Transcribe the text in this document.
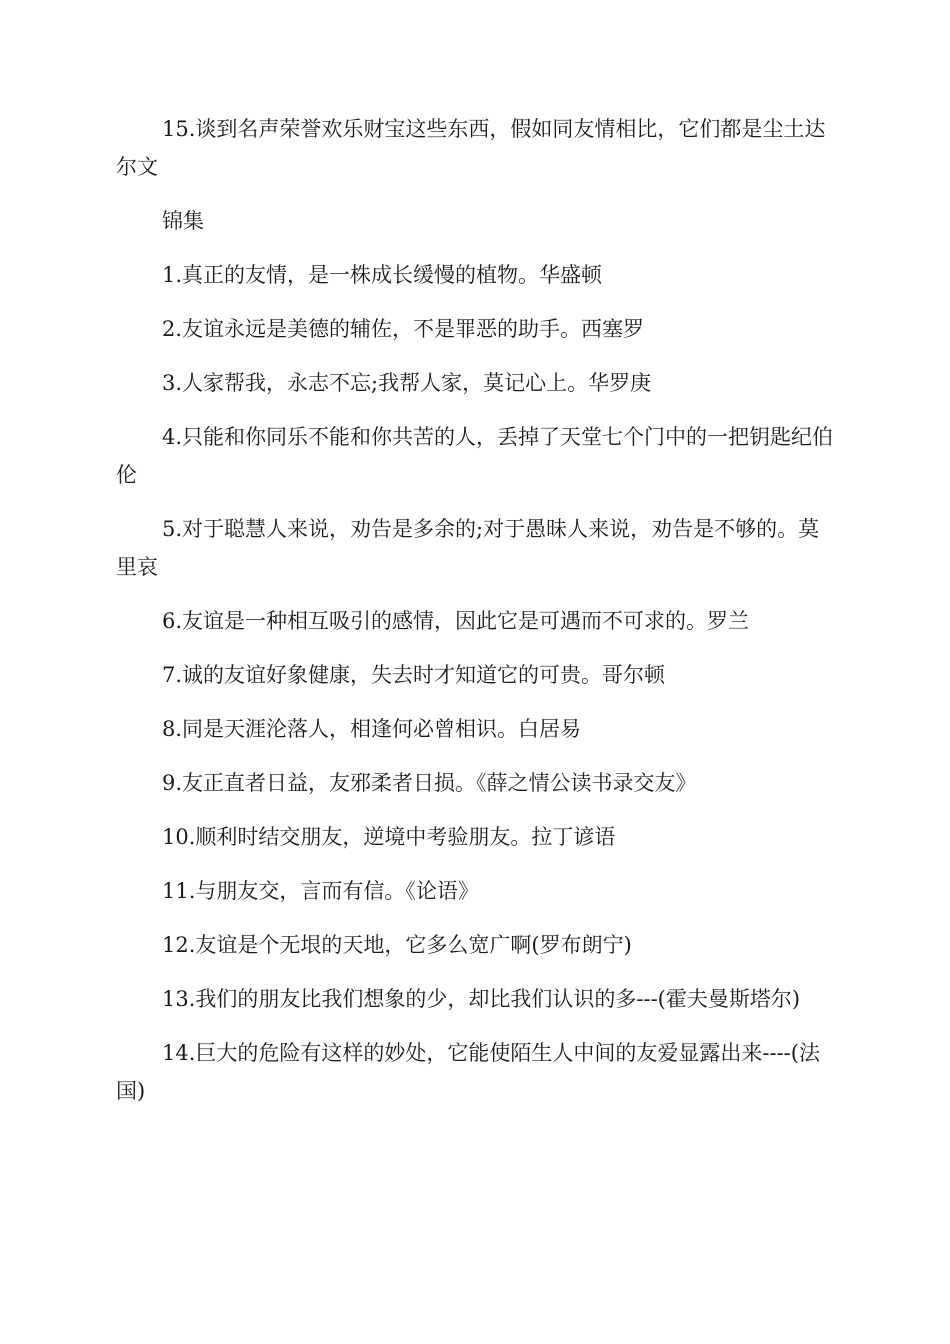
15.谈到名声荣誉欢乐财宝这些东西，假如同友情相比，它们都是尘土达尔文

锦集

1.真正的友情，是一株成长缓慢的植物。华盛顿

2.友谊永远是美德的辅佐，不是罪恶的助手。西塞罗

3.人家帮我，永志不忘;我帮人家，莫记心上。华罗庚

4.只能和你同乐不能和你共苦的人，丢掉了天堂七个门中的一把钥匙纪伯伦

5.对于聪慧人来说，劝告是多余的;对于愚昧人来说，劝告是不够的。莫里哀

6.友谊是一种相互吸引的感情，因此它是可遇而不可求的。罗兰

7.诚的友谊好象健康，失去时才知道它的可贵。哥尔顿

8.同是天涯沦落人，相逢何必曾相识。白居易

9.友正直者日益，友邪柔者日损。《薛之情公读书录交友》

10.顺利时结交朋友，逆境中考验朋友。拉丁谚语

11.与朋友交，言而有信。《论语》

12.友谊是个无垠的天地，它多么宽广啊(罗布朗宁)

13.我们的朋友比我们想象的少，却比我们认识的多---(霍夫曼斯塔尔)

14.巨大的危险有这样的妙处，它能使陌生人中间的友爱显露出来----(法国)
